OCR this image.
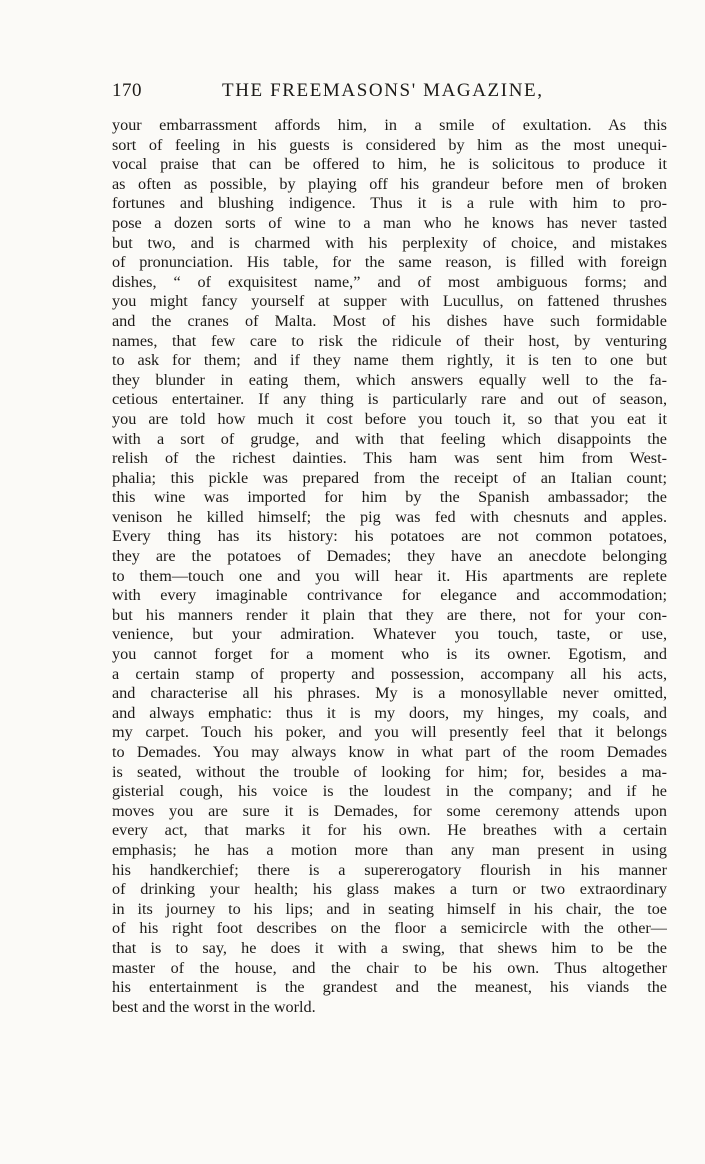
170	THE FREEMASONS' MAGAZINE,
your embarrassment affords him, in a smile of exultation. As this
sort of feeling in his guests is considered by him as the most unequi-
vocal praise that can be offered to him, he is solicitous to produce it
as often as possible, by playing off his grandeur before men of broken
fortunes and blushing indigence. Thus it is a rule with him to pro-
pose a dozen sorts of wine to a man who he knows has never tasted
but two, and is charmed with his perplexity of choice, and mistakes
of pronunciation. His table, for the same reason, is filled with foreign
dishes, “ of exquisitest name,” and of most ambiguous forms; and
you might fancy yourself at supper with Lucullus, on fattened thrushes
and the cranes of Malta. Most of his dishes have such formidable
names, that few care to risk the ridicule of their host, by venturing
to ask for them; and if they name them rightly, it is ten to one but
they blunder in eating them, which answers equally well to the fa-
cetious entertainer. If any thing is particularly rare and out of season,
you are told how much it cost before you touch it, so that you eat it
with a sort of grudge, and with that feeling which disappoints the
relish of the richest dainties. This ham was sent him from West-
phalia; this pickle was prepared from the receipt of an Italian count;
this wine was imported for him by the Spanish ambassador; the
venison he killed himself; the pig was fed with chesnuts and apples.
Every thing has its history: his potatoes are not common potatoes,
they are the potatoes of Demades; they have an anecdote belonging
to them—touch one and you will hear it. His apartments are replete
with every imaginable contrivance for elegance and accommodation;
but his manners render it plain that they are there, not for your con-
venience, but your admiration. Whatever you touch, taste, or use,
you cannot forget for a moment who is its owner. Egotism, and
a certain stamp of property and possession, accompany all his acts,
and characterise all his phrases. My is a monosyllable never omitted,
and always emphatic: thus it is my doors, my hinges, my coals, and
my carpet. Touch his poker, and you will presently feel that it belongs
to Demades. You may always know in what part of the room Demades
is seated, without the trouble of looking for him; for, besides a ma-
gisterial cough, his voice is the loudest in the company; and if he
moves you are sure it is Demades, for some ceremony attends upon
every act, that marks it for his own. He breathes with a certain
emphasis; he has a motion more than any man present in using
his handkerchief; there is a supererogatory flourish in his manner
of drinking your health; his glass makes a turn or two extraordinary
in its journey to his lips; and in seating himself in his chair, the toe
of his right foot describes on the floor a semicircle with the other—
that is to say, he does it with a swing, that shews him to be the
master of the house, and the chair to be his own. Thus altogether
his entertainment is the grandest and the meanest, his viands the
best and the worst in the world.
